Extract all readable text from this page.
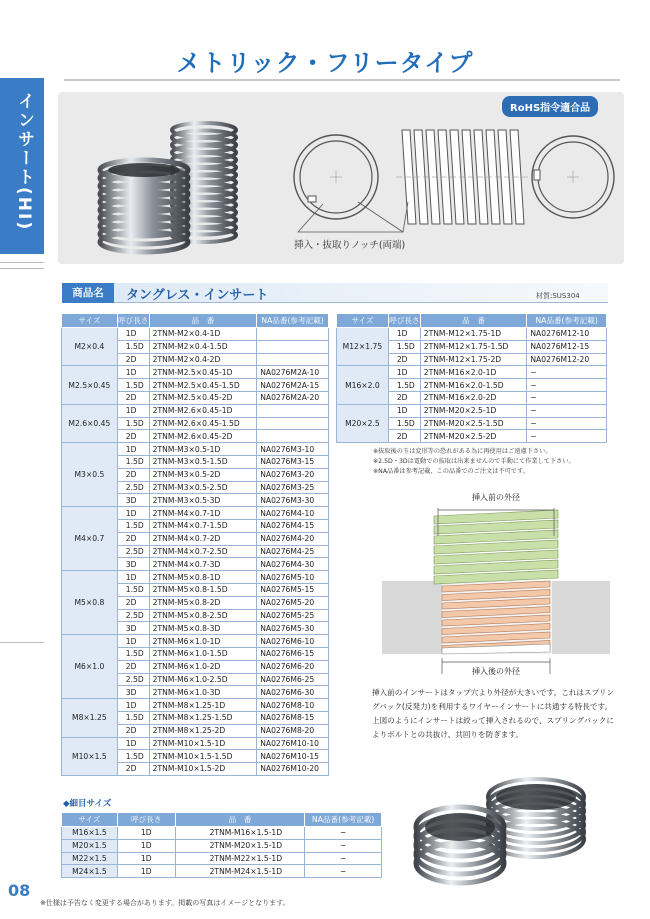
インサート(HI)
メトリック・フリータイプ
RoHS指令適合品
挿入・抜取りノッチ(両端)
商品名	タングレス・インサート	材質:SUS304
サイズ	呼び長さ	品　番	NA品番(参考記載)
M2×0.4	1D	2TNM-M2×0.4-1D	
	1.5D	2TNM-M2×0.4-1.5D	
	2D	2TNM-M2×0.4-2D	
M2.5×0.45	1D	2TNM-M2.5×0.45-1D	NA0276M2A-10
	1.5D	2TNM-M2.5×0.45-1.5D	NA0276M2A-15
	2D	2TNM-M2.5×0.45-2D	NA0276M2A-20
M2.6×0.45	1D	2TNM-M2.6×0.45-1D	
	1.5D	2TNM-M2.6×0.45-1.5D	
	2D	2TNM-M2.6×0.45-2D	
M3×0.5	1D	2TNM-M3×0.5-1D	NA0276M3-10
	1.5D	2TNM-M3×0.5-1.5D	NA0276M3-15
	2D	2TNM-M3×0.5-2D	NA0276M3-20
	2.5D	2TNM-M3×0.5-2.5D	NA0276M3-25
	3D	2TNM-M3×0.5-3D	NA0276M3-30
M4×0.7	1D	2TNM-M4×0.7-1D	NA0276M4-10
	1.5D	2TNM-M4×0.7-1.5D	NA0276M4-15
	2D	2TNM-M4×0.7-2D	NA0276M4-20
	2.5D	2TNM-M4×0.7-2.5D	NA0276M4-25
	3D	2TNM-M4×0.7-3D	NA0276M4-30
M5×0.8	1D	2TNM-M5×0.8-1D	NA0276M5-10
	1.5D	2TNM-M5×0.8-1.5D	NA0276M5-15
	2D	2TNM-M5×0.8-2D	NA0276M5-20
	2.5D	2TNM-M5×0.8-2.5D	NA0276M5-25
	3D	2TNM-M5×0.8-3D	NA0276M5-30
M6×1.0	1D	2TNM-M6×1.0-1D	NA0276M6-10
	1.5D	2TNM-M6×1.0-1.5D	NA0276M6-15
	2D	2TNM-M6×1.0-2D	NA0276M6-20
	2.5D	2TNM-M6×1.0-2.5D	NA0276M6-25
	3D	2TNM-M6×1.0-3D	NA0276M6-30
M8×1.25	1D	2TNM-M8×1.25-1D	NA0276M8-10
	1.5D	2TNM-M8×1.25-1.5D	NA0276M8-15
	2D	2TNM-M8×1.25-2D	NA0276M8-20
M10×1.5	1D	2TNM-M10×1.5-1D	NA0276M10-10
	1.5D	2TNM-M10×1.5-1.5D	NA0276M10-15
	2D	2TNM-M10×1.5-2D	NA0276M10-20
サイズ	呼び長さ	品　番	NA品番(参考記載)
M12×1.75	1D	2TNM-M12×1.75-1D	NA0276M12-10
	1.5D	2TNM-M12×1.75-1.5D	NA0276M12-15
	2D	2TNM-M12×1.75-2D	NA0276M12-20
M16×2.0	1D	2TNM-M16×2.0-1D	−
	1.5D	2TNM-M16×2.0-1.5D	−
	2D	2TNM-M16×2.0-2D	−
M20×2.5	1D	2TNM-M20×2.5-1D	−
	1.5D	2TNM-M20×2.5-1.5D	−
	2D	2TNM-M20×2.5-2D	−
※抜取後の玉は変形等の恐れがある為に再使用はご遠慮下さい。
※2.5D・3Dは電動での抜取は出来ませんので手動にて作業して下さい。
※NA品番は参考記載、この品番でのご注文は不可です。
挿入前の外径
挿入後の外径
挿入前のインサートはタップ穴より外径が大きいです。これはスプリングバック(反発力)を利用するワイヤーインサートに共通する特長です。上図のようにインサートは絞って挿入されるので、スプリングバックによりボルトとの共抜け、共回りを防ぎます。
◆細目サイズ
サイズ	呼び長さ	品　番	NA品番(参考記載)
M16×1.5	1D	2TNM-M16×1.5-1D	−
M20×1.5	1D	2TNM-M20×1.5-1D	−
M22×1.5	1D	2TNM-M22×1.5-1D	−
M24×1.5	1D	2TNM-M24×1.5-1D	−
08
※仕様は予告なく変更する場合があります。掲載の写真はイメージとなります。
